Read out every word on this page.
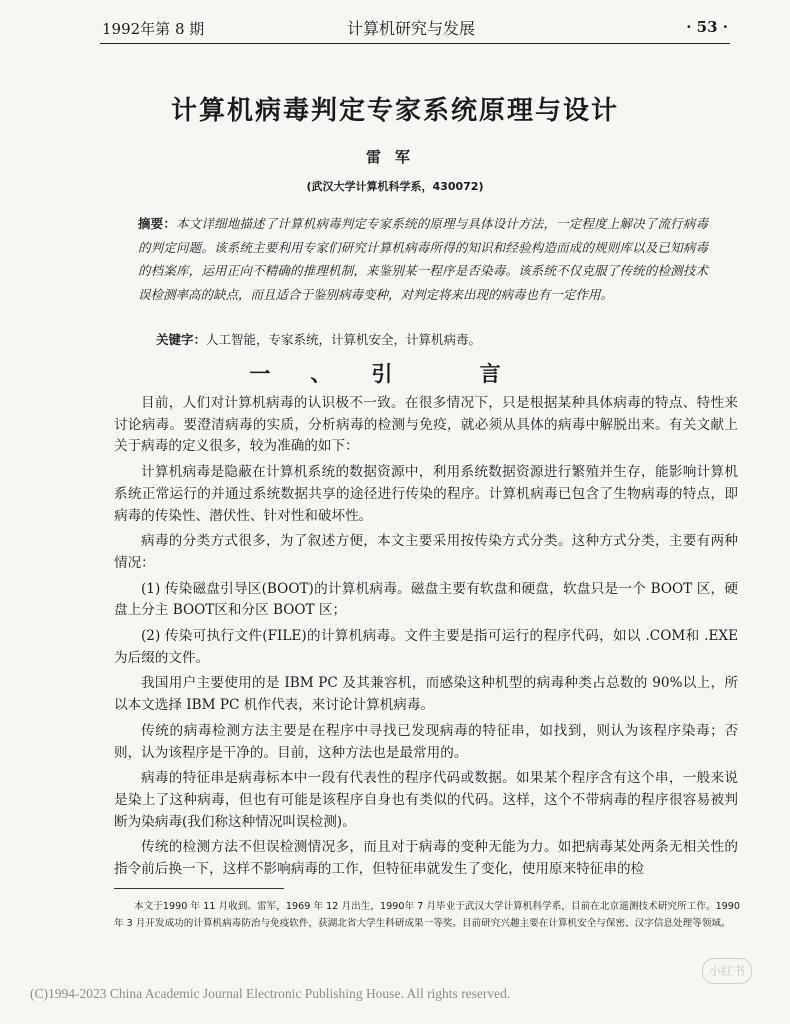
1992年第 8 期	计算机研究与发展	· 53 ·
计算机病毒判定专家系统原理与设计
雷军
(武汉大学计算机科学系，430072)
摘要：本文详细地描述了计算机病毒判定专家系统的原理与具体设计方法，一定程度上解决了流行病毒的判定问题。该系统主要利用专家们研究计算机病毒所得的知识和经验构造而成的规则库以及已知病毒的档案库，运用正向不精确的推理机制，来鉴别某一程序是否染毒。该系统不仅克服了传统的检测技术误检测率高的缺点，而且适合于鉴别病毒变种，对判定将来出现的病毒也有一定作用。
关键字：人工智能，专家系统，计算机安全，计算机病毒。
一、引 言

目前，人们对计算机病毒的认识极不一致。在很多情况下，只是根据某种具体病毒的特点、特性来讨论病毒。要澄清病毒的实质，分析病毒的检测与免疫，就必须从具体的病毒中解脱出来。有关文献上关于病毒的定义很多，较为准确的如下：

计算机病毒是隐蔽在计算机系统的数据资源中，利用系统数据资源进行繁殖并生存，能影响计算机系统正常运行的并通过系统数据共享的途径进行传染的程序。计算机病毒已包含了生物病毒的特点，即病毒的传染性、潜伏性、针对性和破坏性。

病毒的分类方式很多，为了叙述方便，本文主要采用按传染方式分类。这种方式分类，主要有两种情况：

(1) 传染磁盘引导区(BOOT)的计算机病毒。磁盘主要有软盘和硬盘，软盘只是一个 BOOT 区，硬盘上分主 BOOT区和分区 BOOT 区；

(2) 传染可执行文件(FILE)的计算机病毒。文件主要是指可运行的程序代码，如以 .COM和 .EXE为后缀的文件。

我国用户主要使用的是 IBM PC 及其兼容机，而感染这种机型的病毒种类占总数的 90%以上，所以本文选择 IBM PC 机作代表，来讨论计算机病毒。

传统的病毒检测方法主要是在程序中寻找已发现病毒的特征串，如找到，则认为该程序染毒；否则，认为该程序是干净的。目前，这种方法也是最常用的。

病毒的特征串是病毒标本中一段有代表性的程序代码或数据。如果某个程序含有这个串，一般来说是染上了这种病毒，但也有可能是该程序自身也有类似的代码。这样，这个不带病毒的程序很容易被判断为染病毒(我们称这种情况叫误检测)。

传统的检测方法不但误检测情况多，而且对于病毒的变种无能为力。如把病毒某处两条无相关性的指令前后换一下，这样不影响病毒的工作，但特征串就发生了变化，使用原来特征串的检

本文于1990 年 11 月收到。雷军，1969 年 12 月出生，1990年 7 月毕业于武汉大学计算机科学系，目前在北京遥测技术研究所工作。1990 年 3 月开发成功的计算机病毒防治与免疫软件，获湖北省大学生科研成果一等奖。目前研究兴趣主要在计算机安全与保密、汉字信息处理等领域。

(C)1994-2023 China Academic Journal Electronic Publishing House. All rights reserved.
小红书
